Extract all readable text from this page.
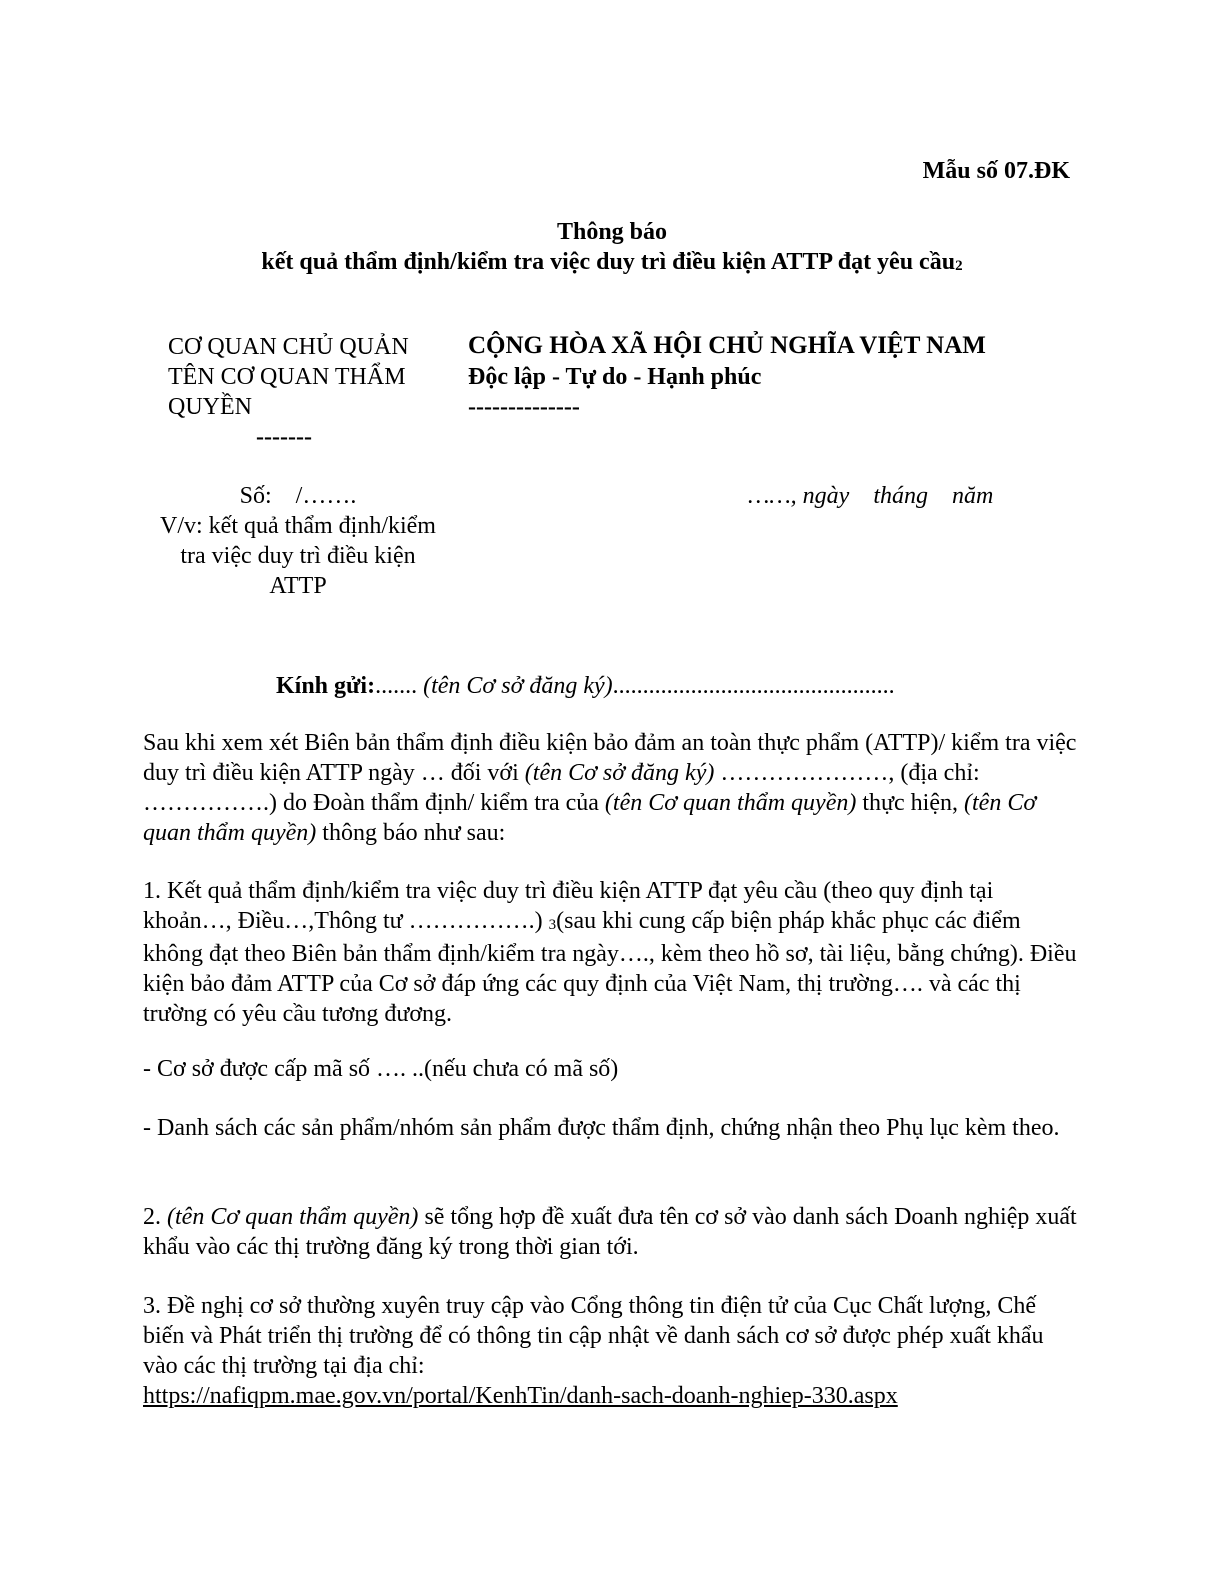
Mẫu số 07.ĐK
Thông báo
kết quả thẩm định/kiểm tra việc duy trì điều kiện ATTP đạt yêu cầu2
CƠ QUAN CHỦ QUẢN
TÊN CƠ QUAN THẨM
QUYỀN
-------
CỘNG HÒA XÃ HỘI CHỦ NGHĨA VIỆT NAM
Độc lập - Tự do - Hạnh phúc
--------------
Số:    /…….
V/v: kết quả thẩm định/kiểm
tra việc duy trì điều kiện
ATTP
……, ngày    tháng    năm
Kính gửi:....... (tên Cơ sở đăng ký)...............................................

Sau khi xem xét Biên bản thẩm định điều kiện bảo đảm an toàn thực phẩm (ATTP)/ kiểm tra việc duy trì điều kiện ATTP ngày … đối với (tên Cơ sở đăng ký) …………………, (địa chỉ: …………….) do Đoàn thẩm định/ kiểm tra của (tên Cơ quan thẩm quyền) thực hiện, (tên Cơ quan thẩm quyền) thông báo như sau:

1. Kết quả thẩm định/kiểm tra việc duy trì điều kiện ATTP đạt yêu cầu (theo quy định tại khoản…, Điều…,Thông tư …………….) 3(sau khi cung cấp biện pháp khắc phục các điểm không đạt theo Biên bản thẩm định/kiểm tra ngày…., kèm theo hồ sơ, tài liệu, bằng chứng). Điều kiện bảo đảm ATTP của Cơ sở đáp ứng các quy định của Việt Nam, thị trường…. và các thị trường có yêu cầu tương đương.

- Cơ sở được cấp mã số …. ..(nếu chưa có mã số)

- Danh sách các sản phẩm/nhóm sản phẩm được thẩm định, chứng nhận theo Phụ lục kèm theo.

2. (tên Cơ quan thẩm quyền) sẽ tổng hợp đề xuất đưa tên cơ sở vào danh sách Doanh nghiệp xuất khẩu vào các thị trường đăng ký trong thời gian tới.

3. Đề nghị cơ sở thường xuyên truy cập vào Cổng thông tin điện tử của Cục Chất lượng, Chế biến và Phát triển thị trường để có thông tin cập nhật về danh sách cơ sở được phép xuất khẩu vào các thị trường tại địa chỉ:
https://nafiqpm.mae.gov.vn/portal/KenhTin/danh-sach-doanh-nghiep-330.aspx
